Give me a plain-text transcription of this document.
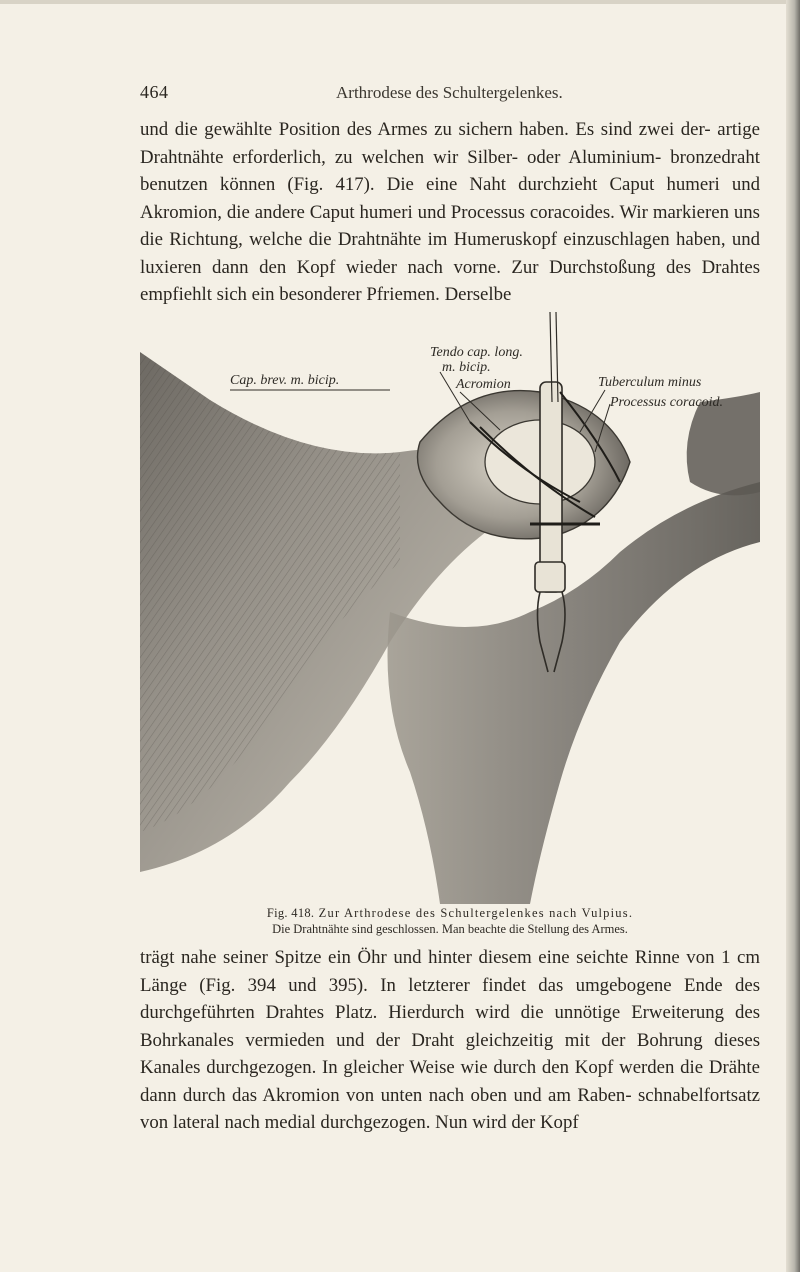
464	Arthrodese des Schultergelenkes.

und die gewählte Position des Armes zu sichern haben. Es sind zwei der- artige Drahtnähte erforderlich, zu welchen wir Silber- oder Aluminium- bronzedraht benutzen können (Fig. 417). Die eine Naht durchzieht Caput humeri und Akromion, die andere Caput humeri und Processus coracoides. Wir markieren uns die Richtung, welche die Drahtnähte im Humeruskopf einzuschlagen haben, und luxieren dann den Kopf wieder nach vorne. Zur Durchstoßung des Drahtes empfiehlt sich ein besonderer Pfriemen. Derselbe

Tendo cap. long.
m. bicip.
Cap. brev. m. bicip.	Acromion	Tuberculum minus
Processus coracoid.
Fig. 418. Zur Arthrodese des Schultergelenkes nach Vulpius.
Die Drahtnähte sind geschlossen. Man beachte die Stellung des Armes.

trägt nahe seiner Spitze ein Öhr und hinter diesem eine seichte Rinne von 1 cm Länge (Fig. 394 und 395). In letzterer findet das umgebogene Ende des durchgeführten Drahtes Platz. Hierdurch wird die unnötige Erweiterung des Bohrkanales vermieden und der Draht gleichzeitig mit der Bohrung dieses Kanales durchgezogen. In gleicher Weise wie durch den Kopf werden die Drähte dann durch das Akromion von unten nach oben und am Raben- schnabelfortsatz von lateral nach medial durchgezogen. Nun wird der Kopf
